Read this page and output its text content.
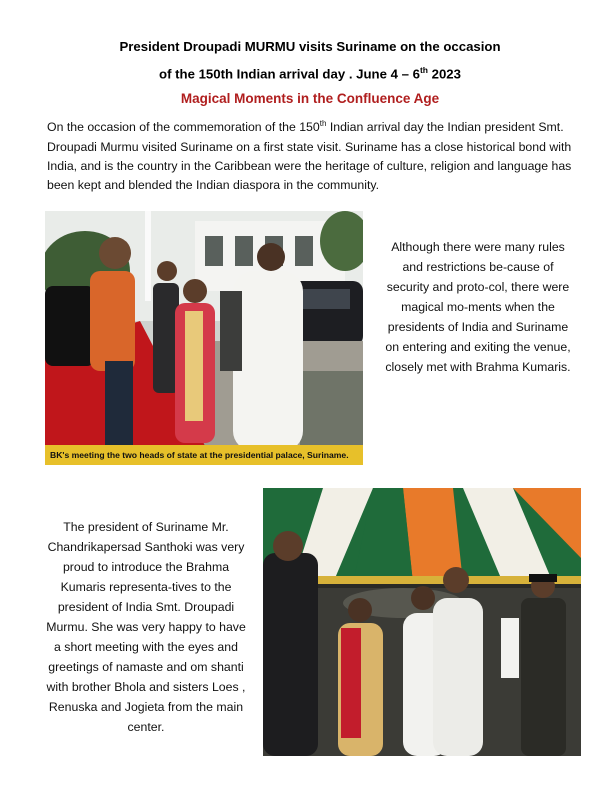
President Droupadi MURMU visits Suriname on the occasion
of the 150th Indian arrival day . June 4 – 6th 2023
Magical Moments in the Confluence Age

On the occasion of the commemoration of the 150th Indian arrival day the Indian president Smt. Droupadi Murmu visited Suriname on a first state visit. Suriname has a close historical bond with India, and is the country in the Caribbean were the heritage of culture, religion and language has been kept and blended the Indian diaspora in the community.

BK's meeting the two heads of state at the presidential palace, Suriname.

Although there were many rules and restrictions be-cause of security and proto-col, there were magical mo-ments when the presidents of India and Suriname on entering and exiting the venue, closely met with Brahma Kumaris.

The president of Suriname Mr. Chandrikapersad Santhoki was very proud to introduce the Brahma Kumaris representa-tives to the president of India Smt. Droupadi Murmu. She was very happy to have a short meeting with the eyes and greetings of namaste and om shanti with brother Bhola and sisters Loes , Renuska and Jogieta from the main center.
